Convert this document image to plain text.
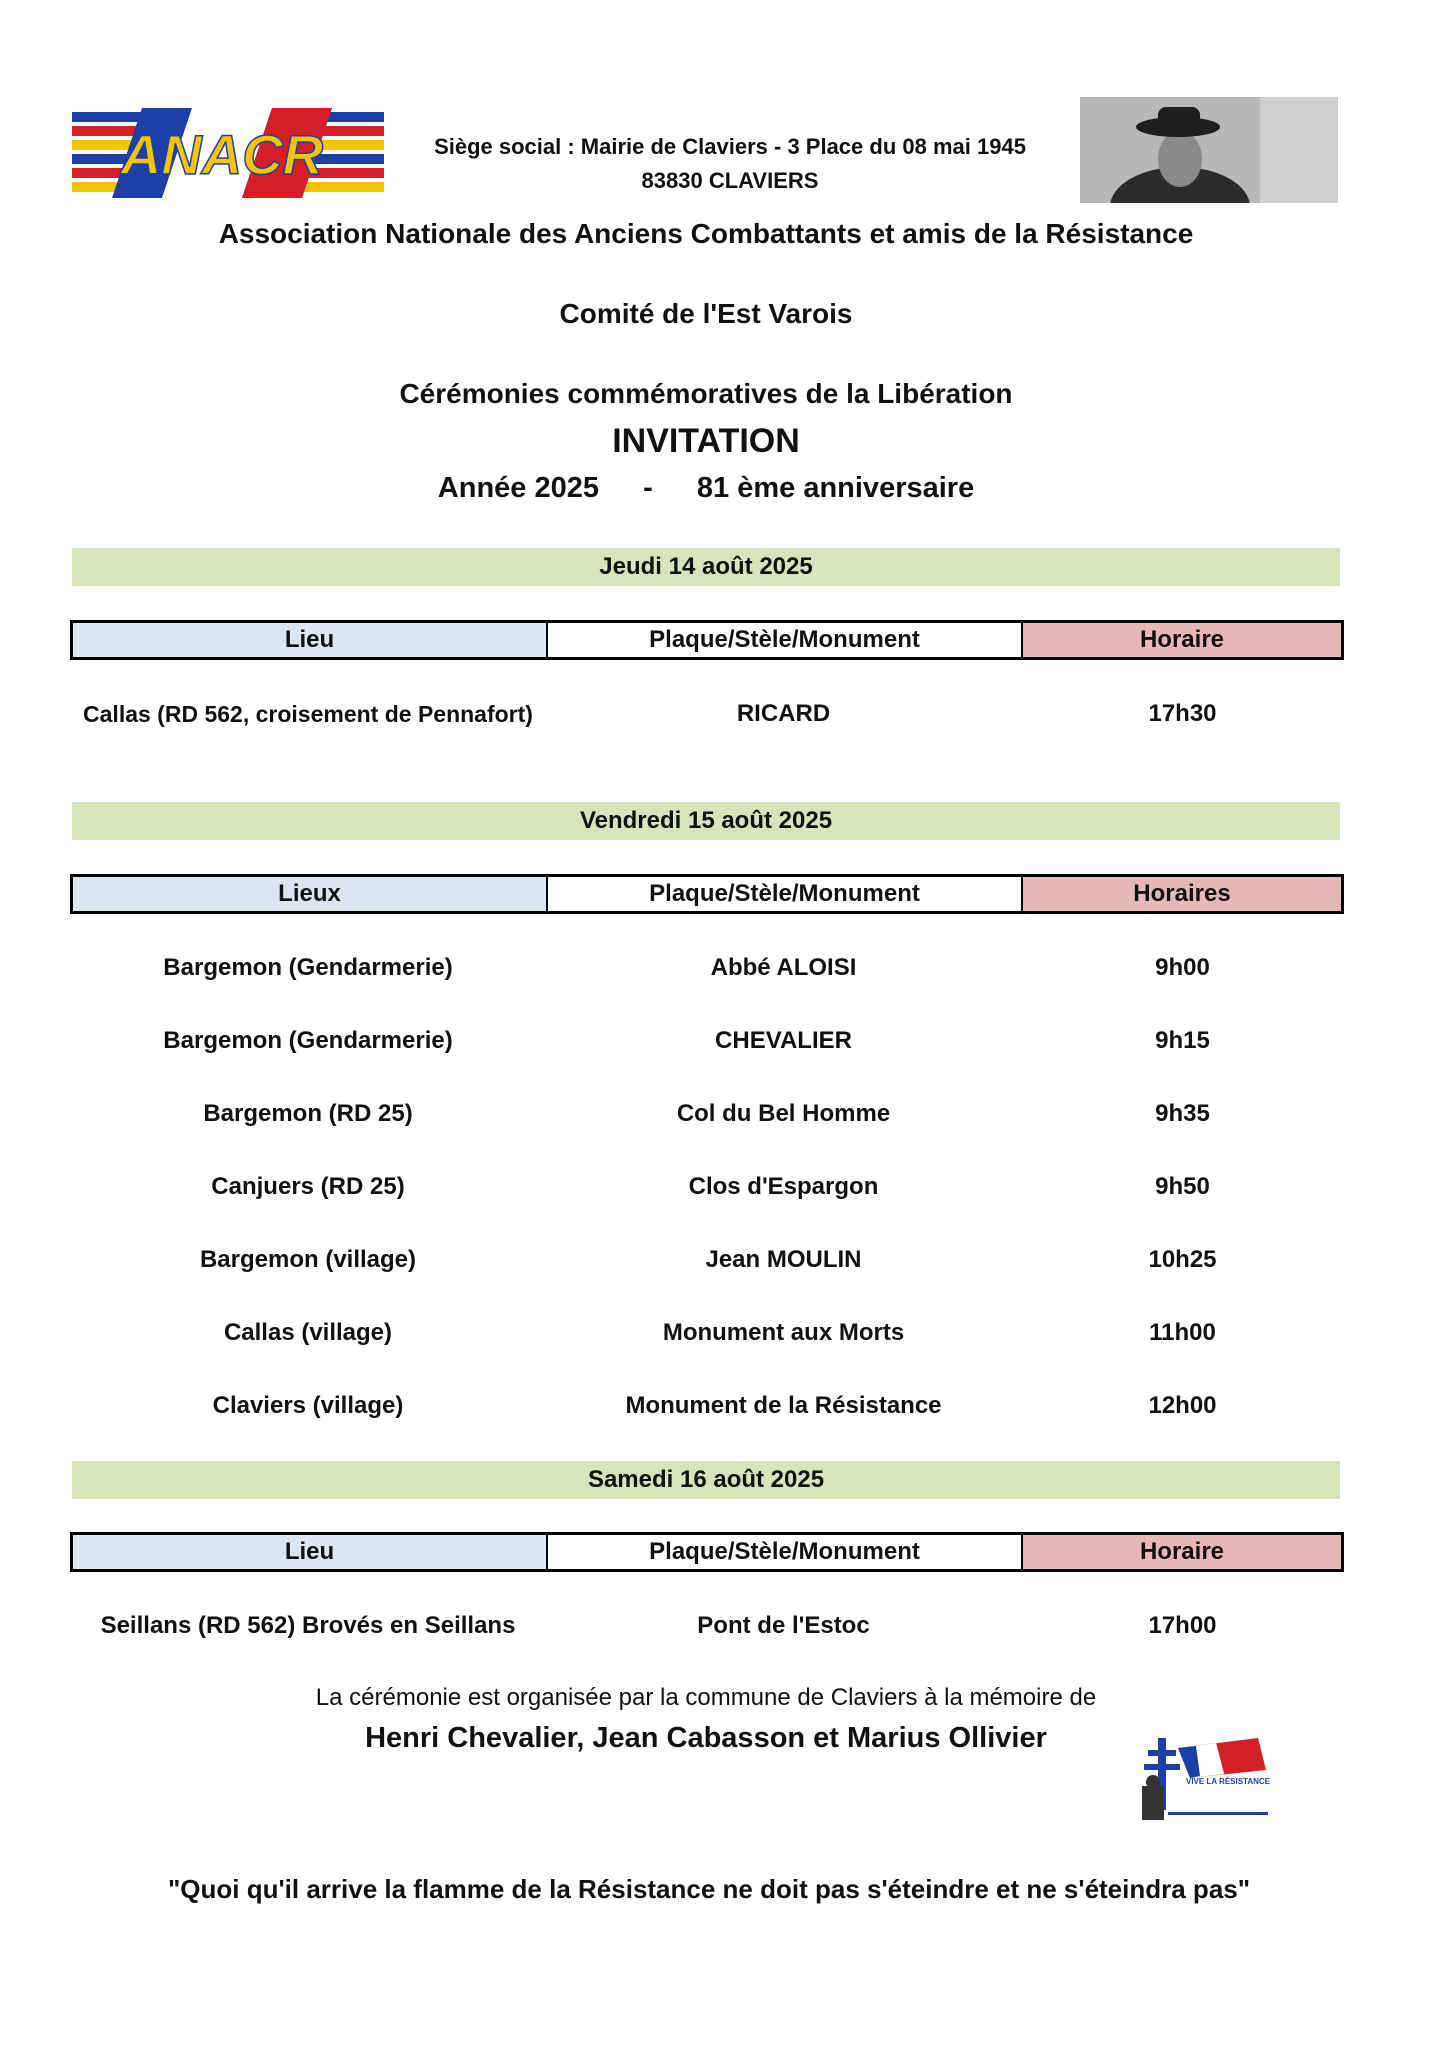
ANACR	Siège social : Mairie de Claviers - 3 Place du 08 mai 1945
83830 CLAVIERS
Association Nationale des Anciens Combattants et amis de la Résistance
Comité de l'Est Varois
Cérémonies commémoratives de la Libération
INVITATION
Année 2025 - 81 ème anniversaire
Jeudi 14 août 2025
Lieu	Plaque/Stèle/Monument	Horaire
Callas (RD 562, croisement de Pennafort)	RICARD	17h30
Vendredi 15 août 2025
Lieux	Plaque/Stèle/Monument	Horaires
Bargemon (Gendarmerie)	Abbé ALOISI	9h00
Bargemon (Gendarmerie)	CHEVALIER	9h15
Bargemon (RD 25)	Col du Bel Homme	9h35
Canjuers (RD 25)	Clos d'Espargon	9h50
Bargemon (village)	Jean MOULIN	10h25
Callas (village)	Monument aux Morts	11h00
Claviers (village)	Monument de la Résistance	12h00
Samedi 16 août 2025
Lieu	Plaque/Stèle/Monument	Horaire
Seillans (RD 562) Brovés en Seillans	Pont de l'Estoc	17h00
La cérémonie est organisée par la commune de Claviers à la mémoire de
Henri Chevalier, Jean Cabasson et Marius Ollivier
VIVE LA RÉSISTANCE
"Quoi qu'il arrive la flamme de la Résistance ne doit pas s'éteindre et ne s'éteindra pas"
